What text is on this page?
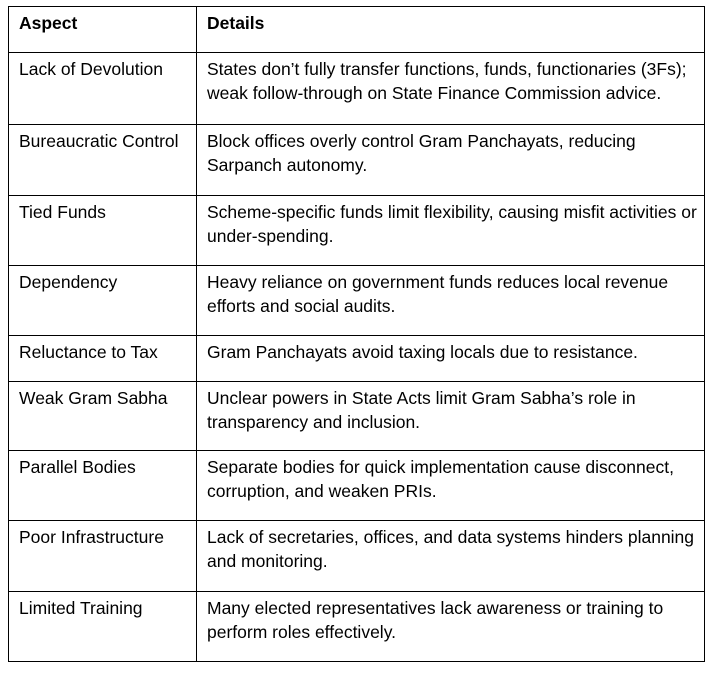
Aspect	Details
Lack of Devolution	States don’t fully transfer functions, funds, functionaries (3Fs); weak follow-through on State Finance Commission advice.
Bureaucratic Control	Block offices overly control Gram Panchayats, reducing Sarpanch autonomy.
Tied Funds	Scheme-specific funds limit flexibility, causing misfit activities or under-spending.
Dependency	Heavy reliance on government funds reduces local revenue efforts and social audits.
Reluctance to Tax	Gram Panchayats avoid taxing locals due to resistance.
Weak Gram Sabha	Unclear powers in State Acts limit Gram Sabha’s role in transparency and inclusion.
Parallel Bodies	Separate bodies for quick implementation cause disconnect, corruption, and weaken PRIs.
Poor Infrastructure	Lack of secretaries, offices, and data systems hinders planning and monitoring.
Limited Training	Many elected representatives lack awareness or training to perform roles effectively.
